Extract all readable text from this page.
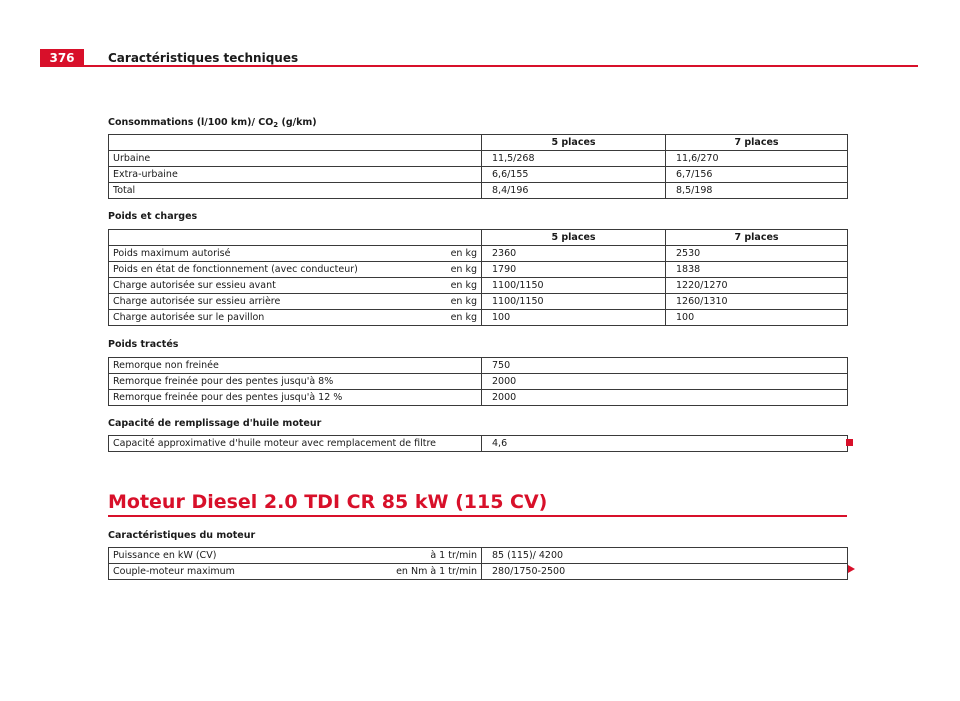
376	Caractéristiques techniques
Consommations (l/100 km)/ $CO_2$ (g/km)
	5 places	7 places
Urbaine	11,5/268	11,6/270
Extra-urbaine	6,6/155	6,7/156
Total	8,4/196	8,5/198
Poids et charges
	5 places	7 places

Poids maximum autorisé en kg	2360	2530

Poids en état de fonctionnement (avec conducteur) en kg	1790	1838

Charge autorisée sur essieu avant en kg	1100/1150	1220/1270

Charge autorisée sur essieu arrière en kg	1100/1150	1260/1310

Charge autorisée sur le pavillon en kg	100	100
Poids tractés
Remorque non freinée	750
Remorque freinée pour des pentes jusqu'à 8%	2000
Remorque freinée pour des pentes jusqu'à 12 %	2000
Capacité de remplissage d'huile moteur
Capacité approximative d'huile moteur avec remplacement de filtre	4,6
Moteur Diesel 2.0 TDI CR 85 kW (115 CV)
Caractéristiques du moteur
Puissance en kW (CV) à 1 tr/min	85 (115)/ 4200

Couple-moteur maximum en Nm à 1 tr/min	280/1750-2500
